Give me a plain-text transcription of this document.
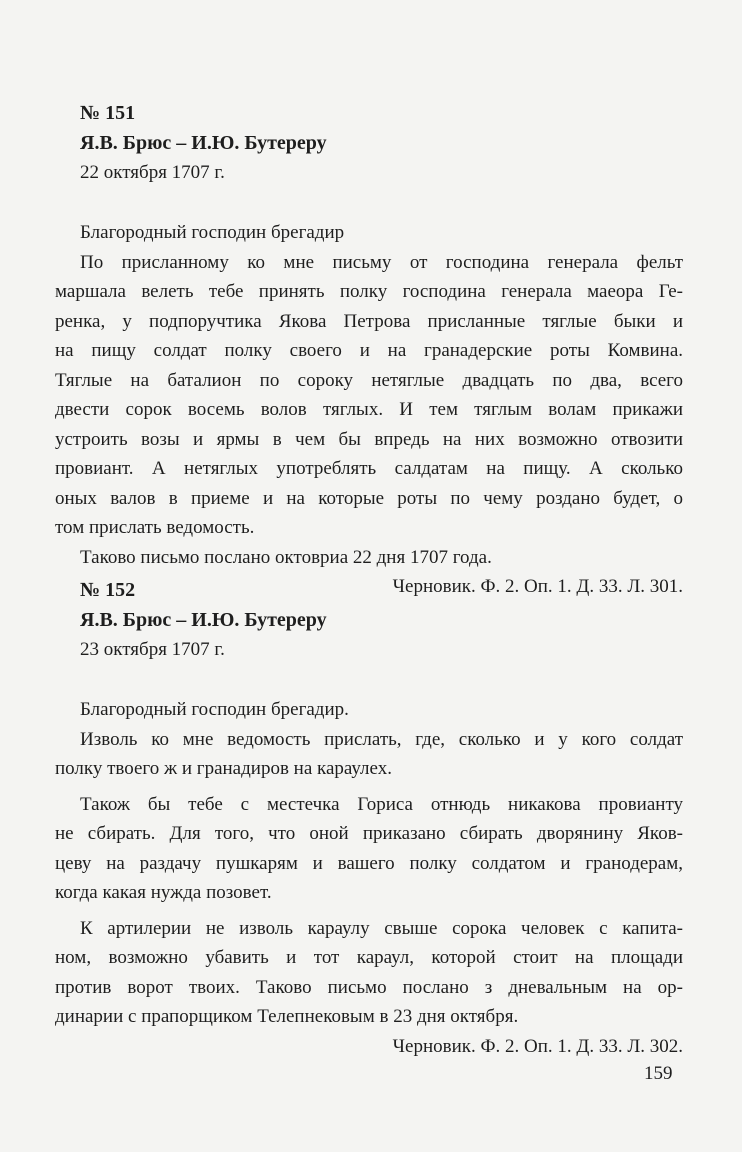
№ 151
Я.В. Брюс – И.Ю. Бутереру
22 октября 1707 г.
Благородный господин брегадир
По присланному ко мне письму от господина генерала фельт
маршала велеть тебе принять полку господина генерала маеора Ге-
ренка, у подпоручтика Якова Петрова присланные тяглые быки и
на пищу солдат полку своего и на гранадерские роты Комвина.
Тяглые на баталион по сороку нетяглые двадцать по два, всего
двести сорок восемь волов тяглых. И тем тяглым волам прикажи
устроить возы и ярмы в чем бы впредь на них возможно отвозити
провиант. А нетяглых употреблять салдатам на пищу. А сколько
оных валов в приеме и на которые роты по чему роздано будет, о
том прислать ведомость.
Таково письмо послано октовриа 22 дня 1707 года.
Черновик. Ф. 2. Оп. 1. Д. 33. Л. 301.
№ 152
Я.В. Брюс – И.Ю. Бутереру
23 октября 1707 г.
Благородный господин брегадир.
Изволь ко мне ведомость прислать, где, сколько и у кого солдат
полку твоего ж и гранадиров на караулех.
Також бы тебе с местечка Гориса отнюдь никакова провианту
не сбирать. Для того, что оной приказано сбирать дворянину Яков-
цеву на раздачу пушкарям и вашего полку солдатом и гранодерам,
когда какая нужда позовет.
К артилерии не изволь караулу свыше сорока человек с капита-
ном, возможно убавить и тот караул, которой стоит на площади
против ворот твоих. Таково письмо послано з дневальным на ор-
динарии с прапорщиком Телепнековым в 23 дня октября.
Черновик. Ф. 2. Оп. 1. Д. 33. Л. 302.
159
